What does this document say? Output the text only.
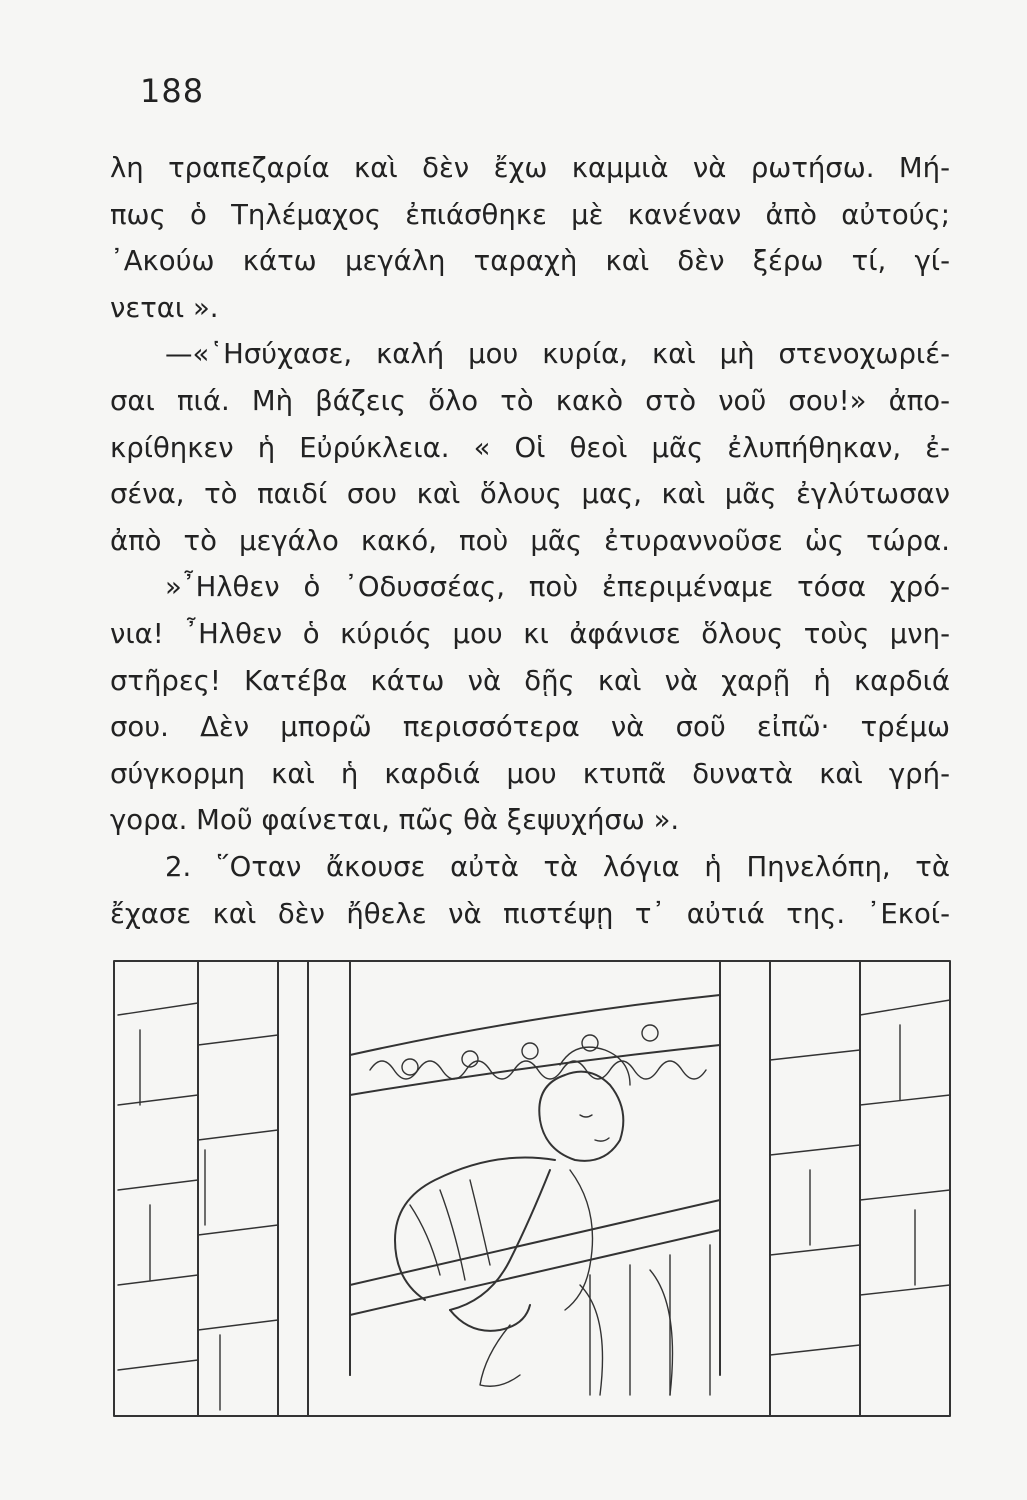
188
λη τραπεζαρία καὶ δὲν ἔχω καμμιὰ νὰ ρωτήσω. Μή-
πως ὁ Τηλέμαχος ἐπιάσθηκε μὲ κανέναν ἀπὸ αὐτούς;
᾿Ακούω κάτω μεγάλη ταραχὴ καὶ δὲν ξέρω τί, γί-
νεται ».
—«῾Ησύχασε, καλή μου κυρία, καὶ μὴ στενοχωριέ-
σαι πιά. Μὴ βάζεις ὅλο τὸ κακὸ στὸ νοῦ σου!» ἀπο-
κρίθηκεν ἡ Εὐρύκλεια. « Οἱ θεοὶ μᾶς ἐλυπήθηκαν, ἐ-
σένα, τὸ παιδί σου καὶ ὅλους μας, καὶ μᾶς ἐγλύτωσαν
ἀπὸ τὸ μεγάλο κακό, ποὺ μᾶς ἐτυραννοῦσε ὡς τώρα.
»῏Ηλθεν ὁ ᾿Οδυσσέας, ποὺ ἐπεριμέναμε τόσα χρό-
νια! ῏Ηλθεν ὁ κύριός μου κι ἀφάνισε ὅλους τοὺς μνη-
στῆρες! Κατέβα κάτω νὰ δῇς καὶ νὰ χαρῇ ἡ καρδιά
σου. Δὲν μπορῶ περισσότερα νὰ σοῦ εἰπῶ· τρέμω
σύγκορμη καὶ ἡ καρδιά μου κτυπᾶ δυνατὰ καὶ γρή-
γορα. Μοῦ φαίνεται, πῶς θὰ ξεψυχήσω ».
2. ῞Οταν ἄκουσε αὐτὰ τὰ λόγια ἡ Πηνελόπη, τὰ
ἔχασε καὶ δὲν ἤθελε νὰ πιστέψῃ τ᾿ αὐτιά της. ᾿Εκοί-
